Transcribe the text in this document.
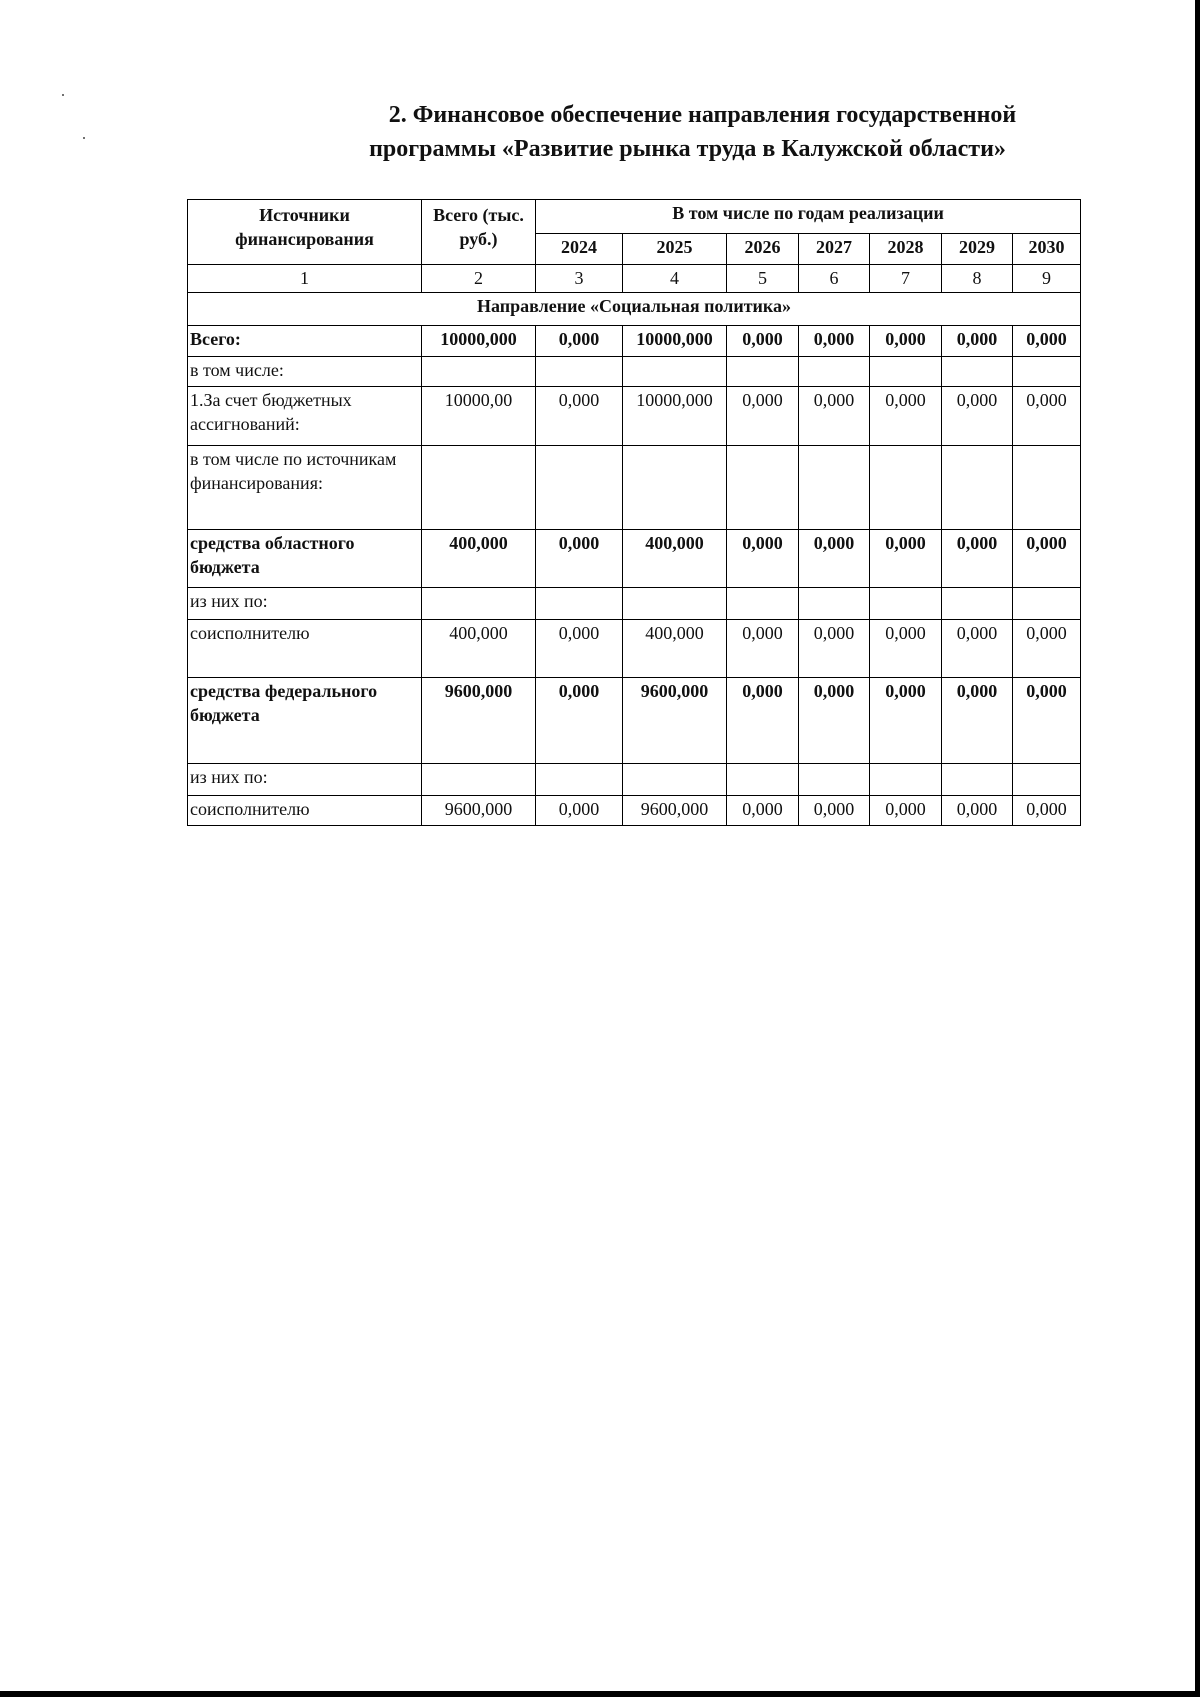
2. Финансовое обеспечение направления государственной
программы «Развитие рынка труда в Калужской области»
Источники финансирования	Всего (тыс. руб.)	В том числе по годам реализации						
		2024	2025	2026	2027	2028	2029	2030
1	2	3	4	5	6	7	8	9
Направление «Социальная политика»								
Всего:	10000,000	0,000	10000,000	0,000	0,000	0,000	0,000	0,000
в том числе:								
1.За счет бюджетных ассигнований:	10000,00	0,000	10000,000	0,000	0,000	0,000	0,000	0,000
в том числе по источникам финансирования:								
средства областного бюджета	400,000	0,000	400,000	0,000	0,000	0,000	0,000	0,000
из них по:								
соисполнителю	400,000	0,000	400,000	0,000	0,000	0,000	0,000	0,000
средства федерального бюджета	9600,000	0,000	9600,000	0,000	0,000	0,000	0,000	0,000
из них по:								
соисполнителю	9600,000	0,000	9600,000	0,000	0,000	0,000	0,000	0,000
